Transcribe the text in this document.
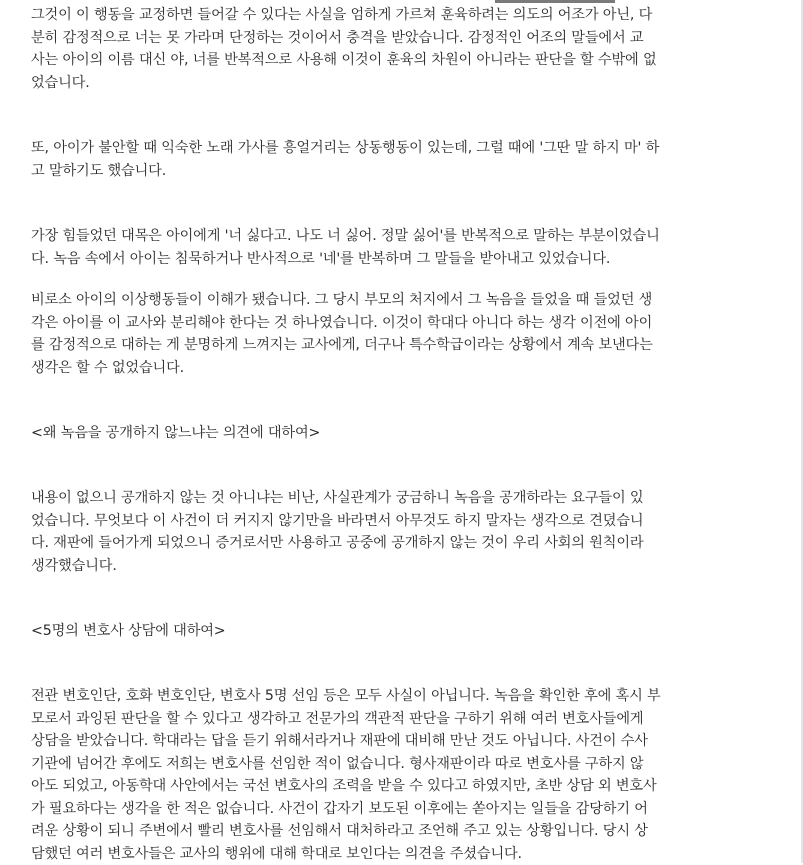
그것이 이 행동을 교정하면 들어갈 수 있다는 사실을 엄하게 가르쳐 훈육하려는 의도의 어조가 아닌, 다
분히 감정적으로 너는 못 가라며 단정하는 것이어서 충격을 받았습니다. 감정적인 어조의 말들에서 교
사는 아이의 이름 대신 야, 너를 반복적으로 사용해 이것이 훈육의 차원이 아니라는 판단을 할 수밖에 없
었습니다.

또, 아이가 불안할 때 익숙한 노래 가사를 흥얼거리는 상동행동이 있는데, 그럴 때에 '그딴 말 하지 마' 하
고 말하기도 했습니다.

가장 힘들었던 대목은 아이에게 '너 싫다고. 나도 너 싫어. 정말 싫어'를 반복적으로 말하는 부분이었습니
다. 녹음 속에서 아이는 침묵하거나 반사적으로 '네'를 반복하며 그 말들을 받아내고 있었습니다.

비로소 아이의 이상행동들이 이해가 됐습니다. 그 당시 부모의 처지에서 그 녹음을 들었을 때 들었던 생
각은 아이를 이 교사와 분리해야 한다는 것 하나였습니다. 이것이 학대다 아니다 하는 생각 이전에 아이
를 감정적으로 대하는 게 분명하게 느껴지는 교사에게, 더구나 특수학급이라는 상황에서 계속 보낸다는
생각은 할 수 없었습니다.

<왜 녹음을 공개하지 않느냐는 의견에 대하여>

내용이 없으니 공개하지 않는 것 아니냐는 비난, 사실관계가 궁금하니 녹음을 공개하라는 요구들이 있
었습니다. 무엇보다 이 사건이 더 커지지 않기만을 바라면서 아무것도 하지 말자는 생각으로 견뎠습니
다. 재판에 들어가게 되었으니 증거로서만 사용하고 공중에 공개하지 않는 것이 우리 사회의 원칙이라
생각했습니다.

<5명의 변호사 상담에 대하여>

전관 변호인단, 호화 변호인단, 변호사 5명 선임 등은 모두 사실이 아닙니다. 녹음을 확인한 후에 혹시 부
모로서 과잉된 판단을 할 수 있다고 생각하고 전문가의 객관적 판단을 구하기 위해 여러 변호사들에게
상담을 받았습니다. 학대라는 답을 듣기 위해서라거나 재판에 대비해 만난 것도 아닙니다. 사건이 수사
기관에 넘어간 후에도 저희는 변호사를 선임한 적이 없습니다. 형사재판이라 따로 변호사를 구하지 않
아도 되었고, 아동학대 사안에서는 국선 변호사의 조력을 받을 수 있다고 하였지만, 초반 상담 외 변호사
가 필요하다는 생각을 한 적은 없습니다. 사건이 갑자기 보도된 이후에는 쏟아지는 일들을 감당하기 어
려운 상황이 되니 주변에서 빨리 변호사를 선임해서 대처하라고 조언해 주고 있는 상황입니다. 당시 상
담했던 여러 변호사들은 교사의 행위에 대해 학대로 보인다는 의견을 주셨습니다.
